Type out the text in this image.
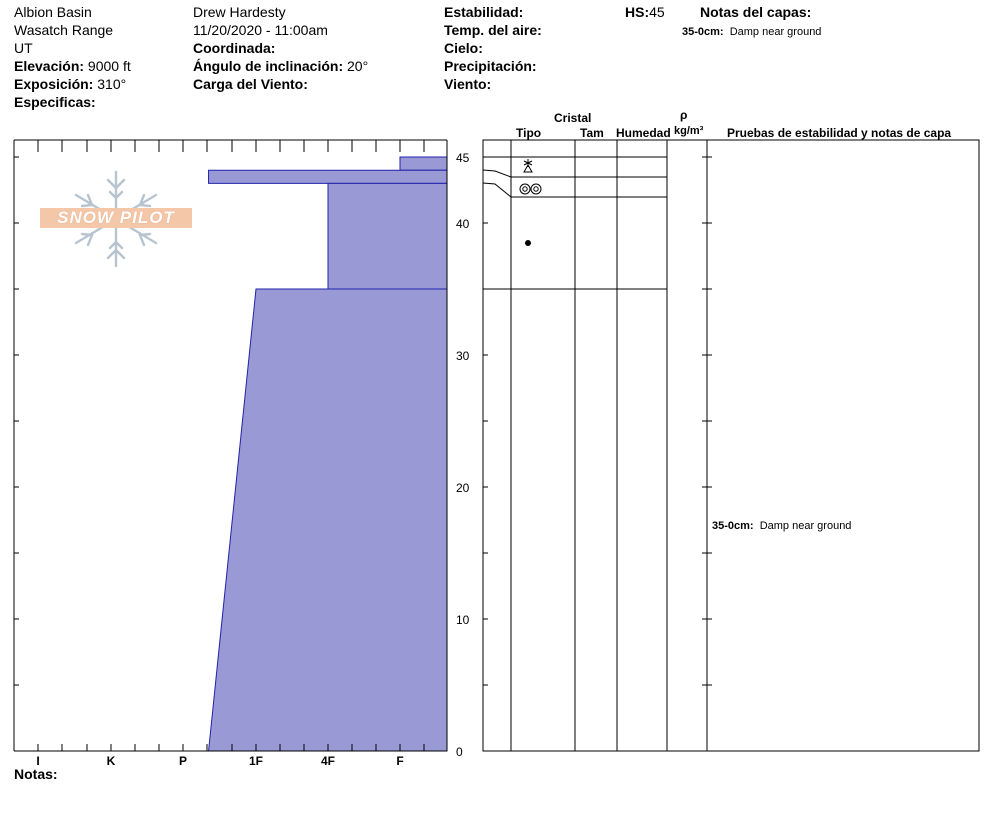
Albion Basin
Wasatch Range
UT
Elevación: 9000 ft
Exposición: 310°
Especificas:
Drew Hardesty
11/20/2020 - 11:00am
Coordinada:
Ángulo de inclinación: 20°
Carga del Viento:
Estabilidad:
Temp. del aire:
Cielo:
Precipitación:
Viento:
HS:45	Notas del capas:
35-0cm: Damp near ground
Cristal
Tipo	Tam Humedad
ρ
kg/m³ Pruebas de estabilidad y notas de capa
SNOW PILOT
I	K	P	1F	4F	F
0
10
20
30
40
45
35-0cm: Damp near ground
Notas:
